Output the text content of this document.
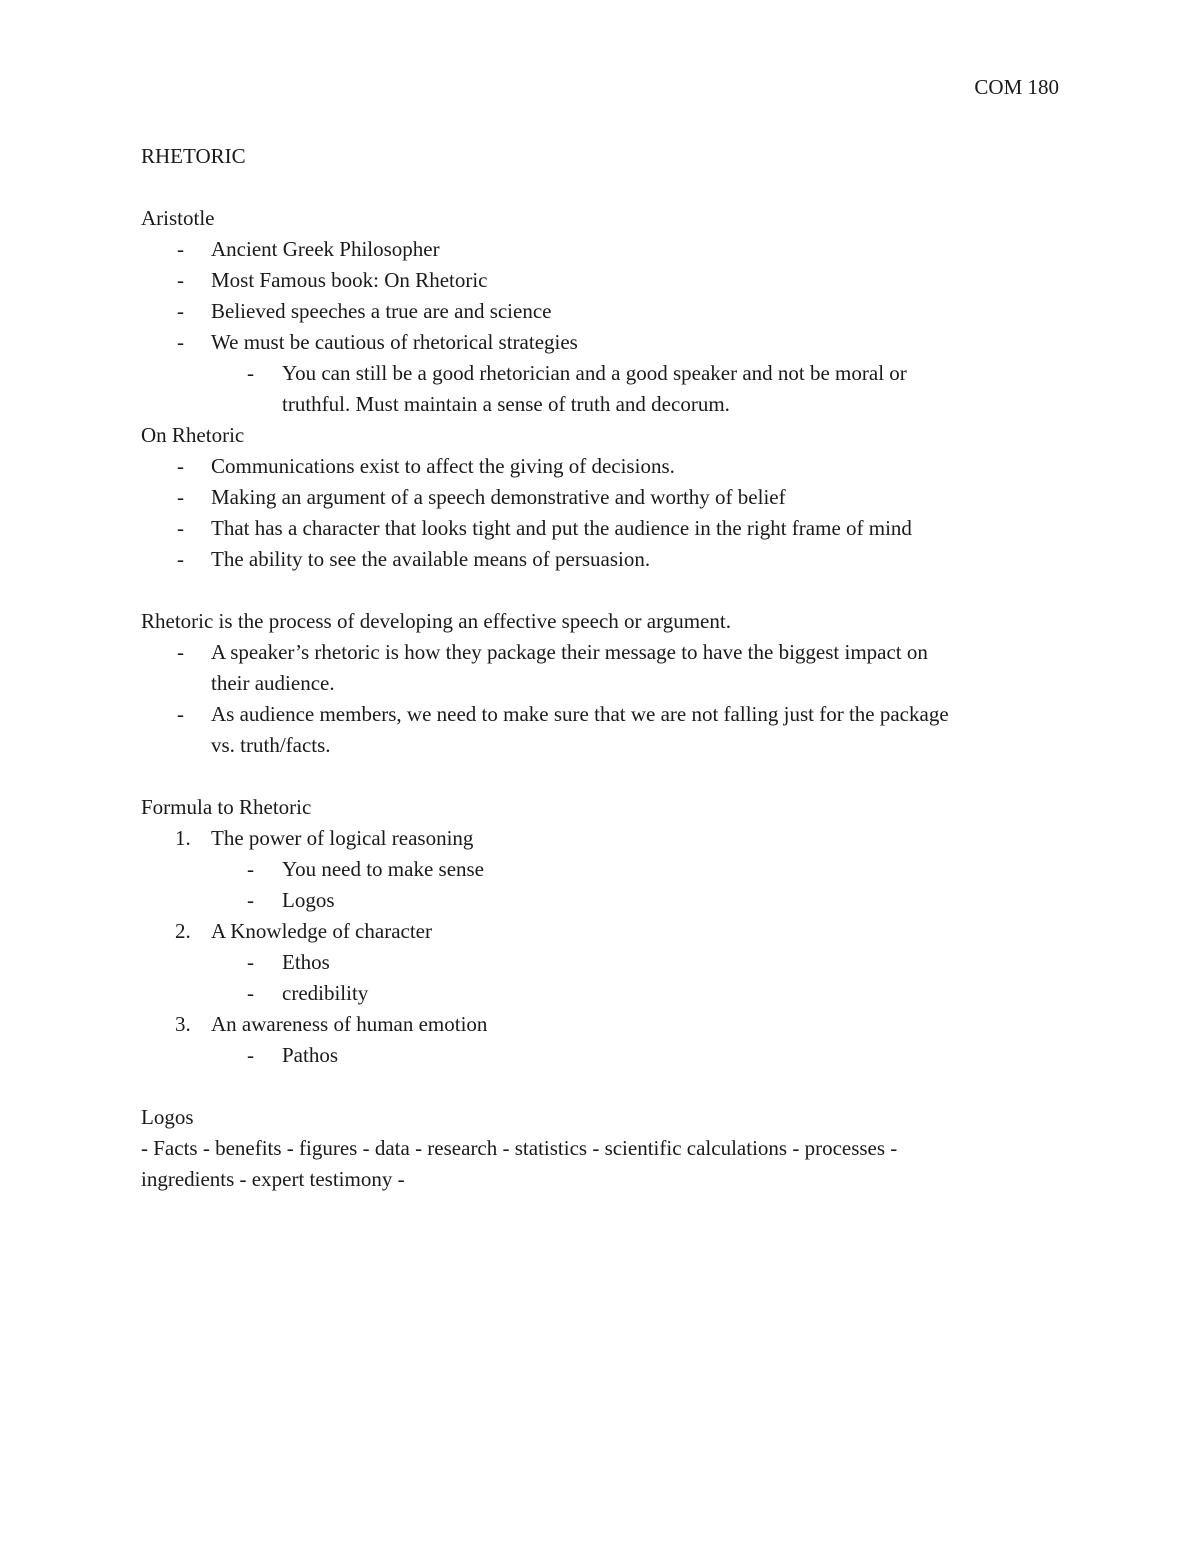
COM 180

RHETORIC

Aristotle

-	Ancient Greek Philosopher
-	Most Famous book: On Rhetoric
-	Believed speeches a true are and science
-	We must be cautious of rhetorical strategies
-	You can still be a good rhetorician and a good speaker and not be moral or
truthful. Must maintain a sense of truth and decorum.

On Rhetoric

-	Communications exist to affect the giving of decisions.
-	Making an argument of a speech demonstrative and worthy of belief
-	That has a character that looks tight and put the audience in the right frame of mind
-	The ability to see the available means of persuasion.

Rhetoric is the process of developing an effective speech or argument.

-	A speaker’s rhetoric is how they package their message to have the biggest impact on
their audience.
-	As audience members, we need to make sure that we are not falling just for the package
vs. truth/facts.

Formula to Rhetoric

1. The power of logical reasoning
-	You need to make sense
-	Logos
2. A Knowledge of character
-	Ethos
-	credibility
3. An awareness of human emotion
-	Pathos

Logos

- Facts - benefits - figures - data - research - statistics - scientific calculations - processes -

ingredients - expert testimony -
